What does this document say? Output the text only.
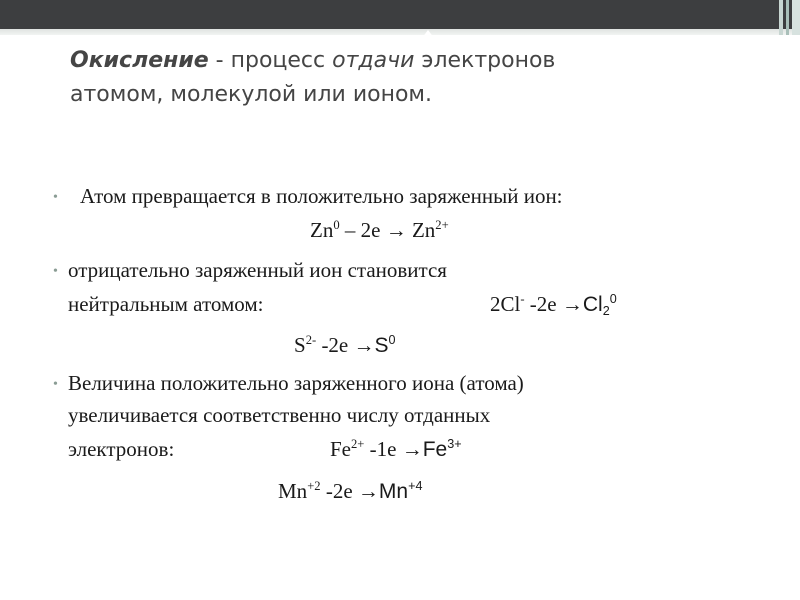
Окисление - процесс отдачи электронов
атомом, молекулой или ионом.
• Атом превращается в положительно заряженный ион:
$Zn^0 - 2e \to Zn^{2+}$
• отрицательно заряженный ион становится
нейтральным атомом:	2Cl- $-2e \to Cl_2^0$
$S^{2-}$ $-2e \to S^0$
• Величина положительно заряженного иона (атома)
увеличивается соответственно числу отданных
электронов:	$Fe^{2+}$ $-1e \to Fe^{3+}$
$Mn^{+2}$ $-2e \to Mn^{+4}$
